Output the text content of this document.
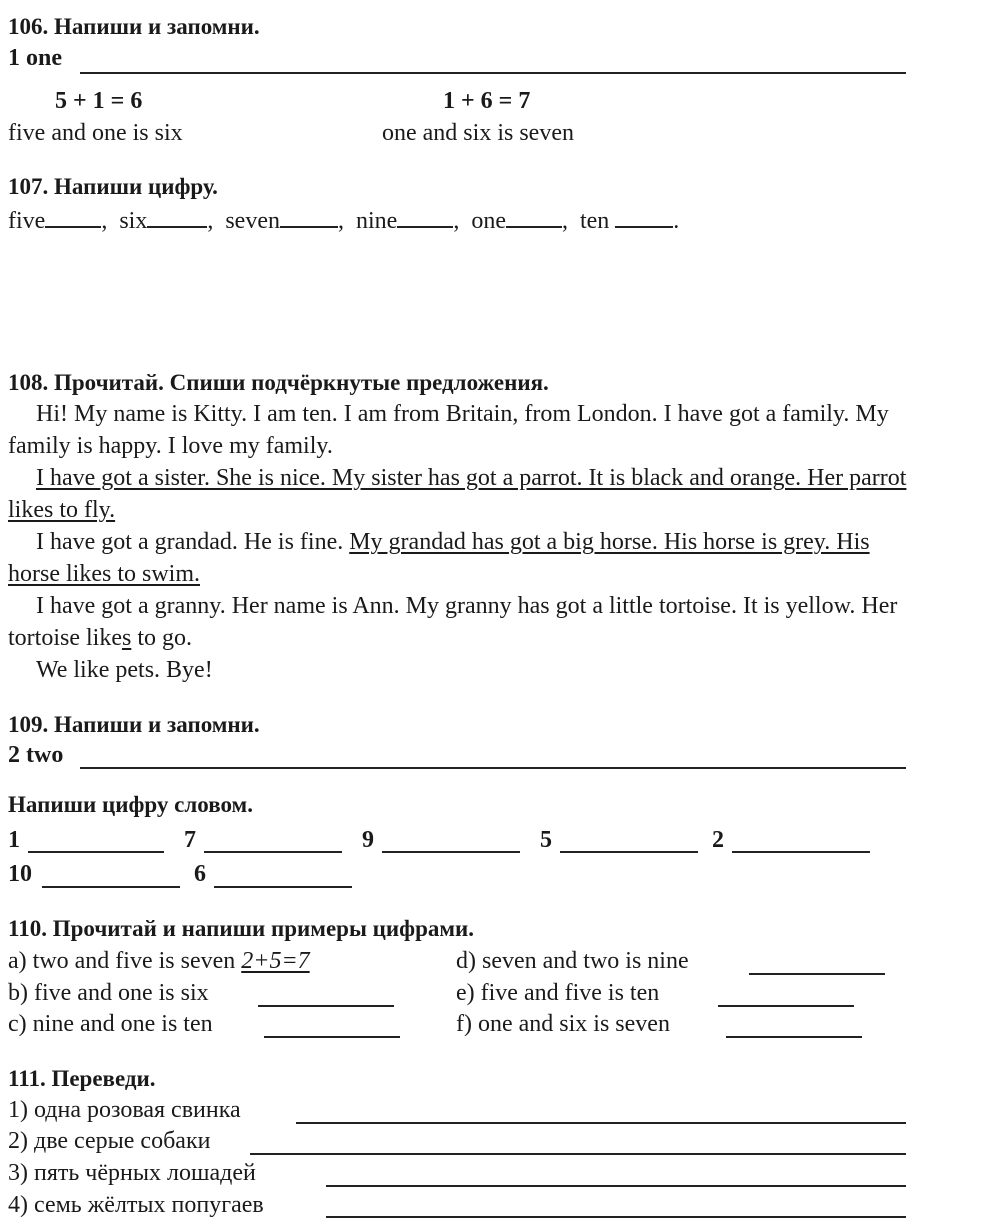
106. Напиши и запомни.
1 one
5 + 1 = 6
five and one is six
1 + 6 = 7
one and six is seven
107. Напиши цифру.
five ,  six	,  seven ,  nine ,  one ,  ten	.
108. Прочитай. Спиши подчёркнутые предложения.

Hi! My name is Kitty. I am ten. I am from Britain, from London. I have got a family. My family is happy. I love my family.

I have got a sister. She is nice. My sister has got a parrot. It is black and orange. Her parrot likes to fly.

I have got a grandad. He is fine. My grandad has got a big horse. His horse is grey. His horse likes to swim.

I have got a granny. Her name is Ann. My granny has got a little tortoise. It is yellow. Her tortoise likes to go.

We like pets. Bye!

109. Напиши и запомни.
2 two
Напиши цифру словом.
1	7	9	5	2
10	6
110. Прочитай и напиши примеры цифрами.
a) two and five is seven 2+5=7
b) five and one is six
c) nine and one is ten
d) seven and two is nine
e) five and five is ten
f) one and six is seven
111. Переведи.
1) одна розовая свинка
2) две серые собаки
3) пять чёрных лошадей
4) семь жёлтых попугаев
